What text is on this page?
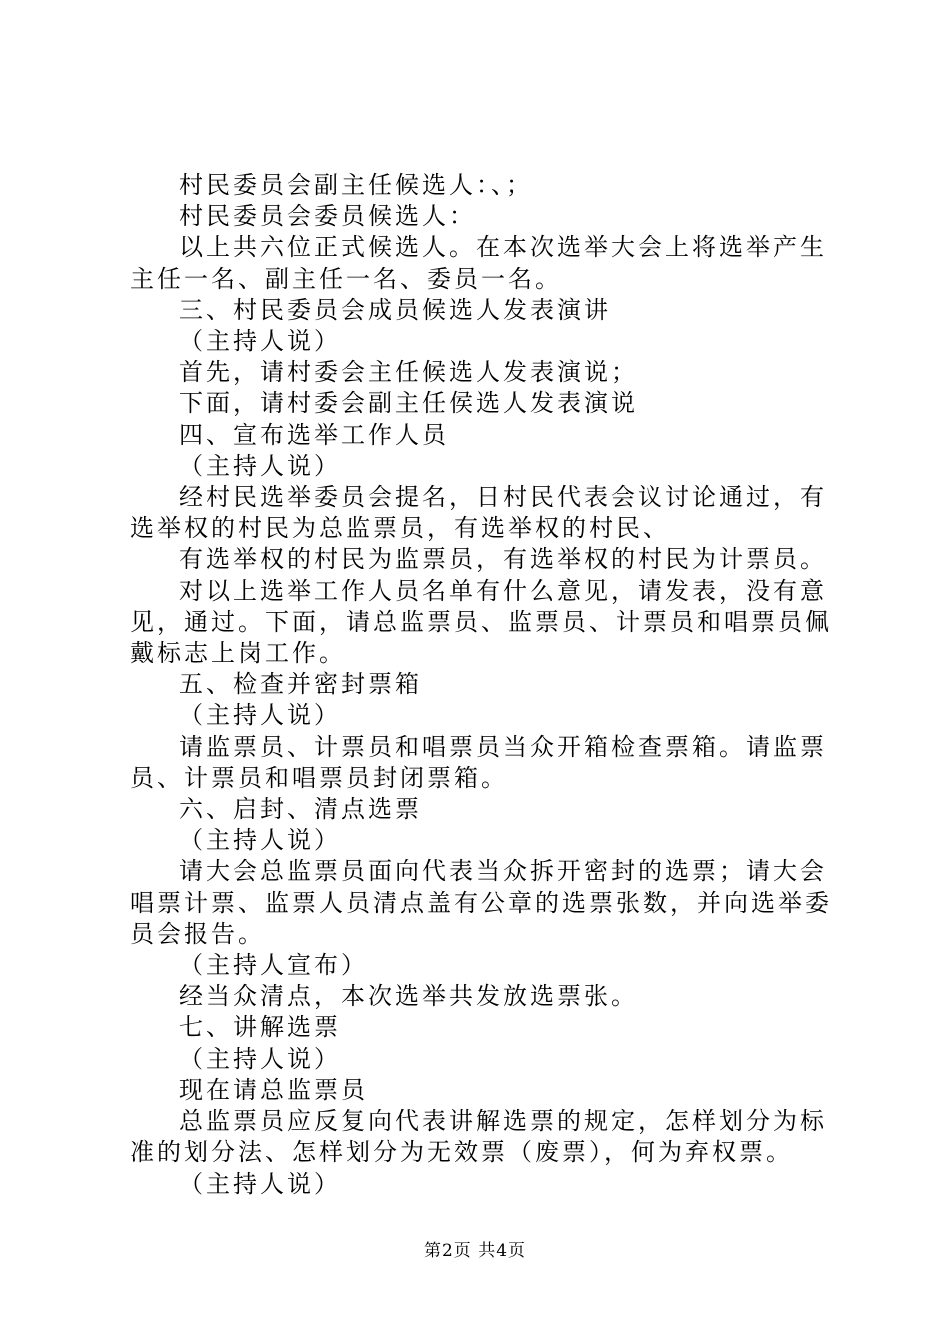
村民委员会副主任候选人：、；

村民委员会委员候选人：

以上共六位正式候选人。在本次选举大会上将选举产生主任一名、副主任一名、委员一名。

三、村民委员会成员候选人发表演讲

（主持人说）

首先，请村委会主任候选人发表演说；

下面，请村委会副主任侯选人发表演说

四、宣布选举工作人员

（主持人说）

经村民选举委员会提名，日村民代表会议讨论通过，有选举权的村民为总监票员，有选举权的村民、

有选举权的村民为监票员，有选举权的村民为计票员。

对以上选举工作人员名单有什么意见，请发表，没有意见，通过。下面，请总监票员、监票员、计票员和唱票员佩戴标志上岗工作。

五、检查并密封票箱

（主持人说）

请监票员、计票员和唱票员当众开箱检查票箱。请监票员、计票员和唱票员封闭票箱。

六、启封、清点选票

（主持人说）

请大会总监票员面向代表当众拆开密封的选票；请大会唱票计票、监票人员清点盖有公章的选票张数，并向选举委员会报告。

（主持人宣布）

经当众清点，本次选举共发放选票张。

七、讲解选票

（主持人说）

现在请总监票员

总监票员应反复向代表讲解选票的规定，怎样划分为标准的划分法、怎样划分为无效票（废票），何为弃权票。

（主持人说）

第2页 共4页
